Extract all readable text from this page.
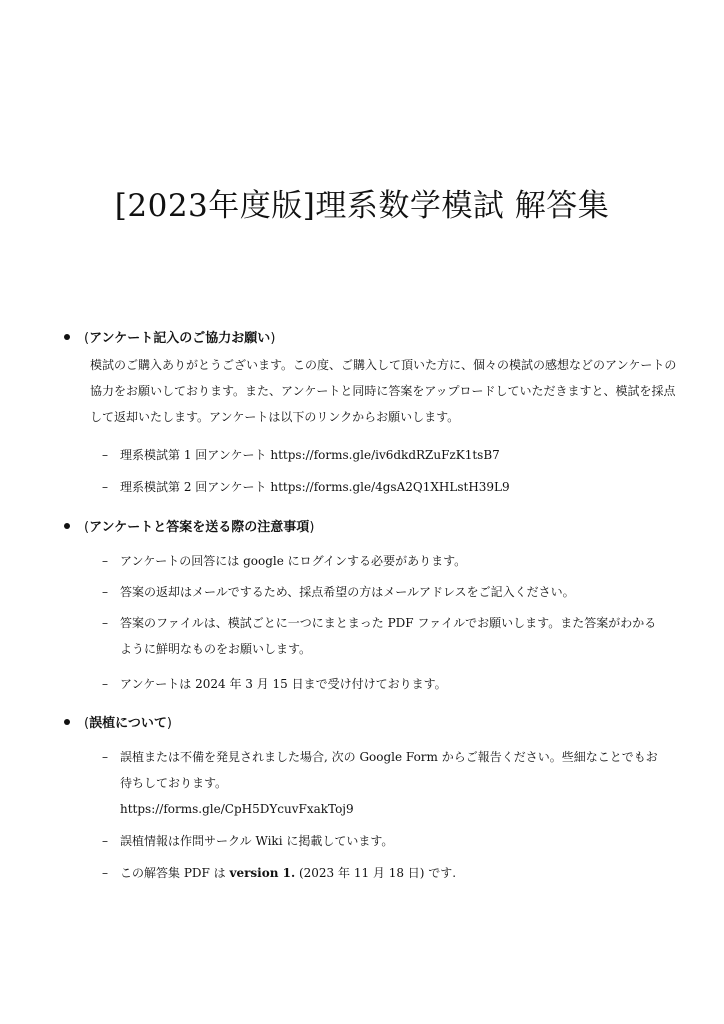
[2023年度版]理系数学模試 解答集
(アンケート記入のご協力お願い)
模試のご購入ありがとうございます。この度、ご購入して頂いた方に、個々の模試の感想などのアンケートの協力をお願いしております。また、アンケートと同時に答案をアップロードしていただきますと、模試を採点して返却いたします。アンケートは以下のリンクからお願いします。
– 理系模試第 1 回アンケート https://forms.gle/iv6dkdRZuFzK1tsB7
– 理系模試第 2 回アンケート https://forms.gle/4gsA2Q1XHLstH39L9
(アンケートと答案を送る際の注意事項)
– アンケートの回答には google にログインする必要があります。
– 答案の返却はメールでするため、採点希望の方はメールアドレスをご記入ください。
– 答案のファイルは、模試ごとに一つにまとまった PDF ファイルでお願いします。また答案がわかるように鮮明なものをお願いします。
– アンケートは 2024 年 3 月 15 日まで受け付けております。
(誤植について)
– 誤植または不備を発見されました場合, 次の Google Form からご報告ください。些細なことでもお待ちしております。
https://forms.gle/CpH5DYcuvFxakToj9
– 誤植情報は作問サークル Wiki に掲載しています。
– この解答集 PDF は version 1. (2023 年 11 月 18 日) です.
